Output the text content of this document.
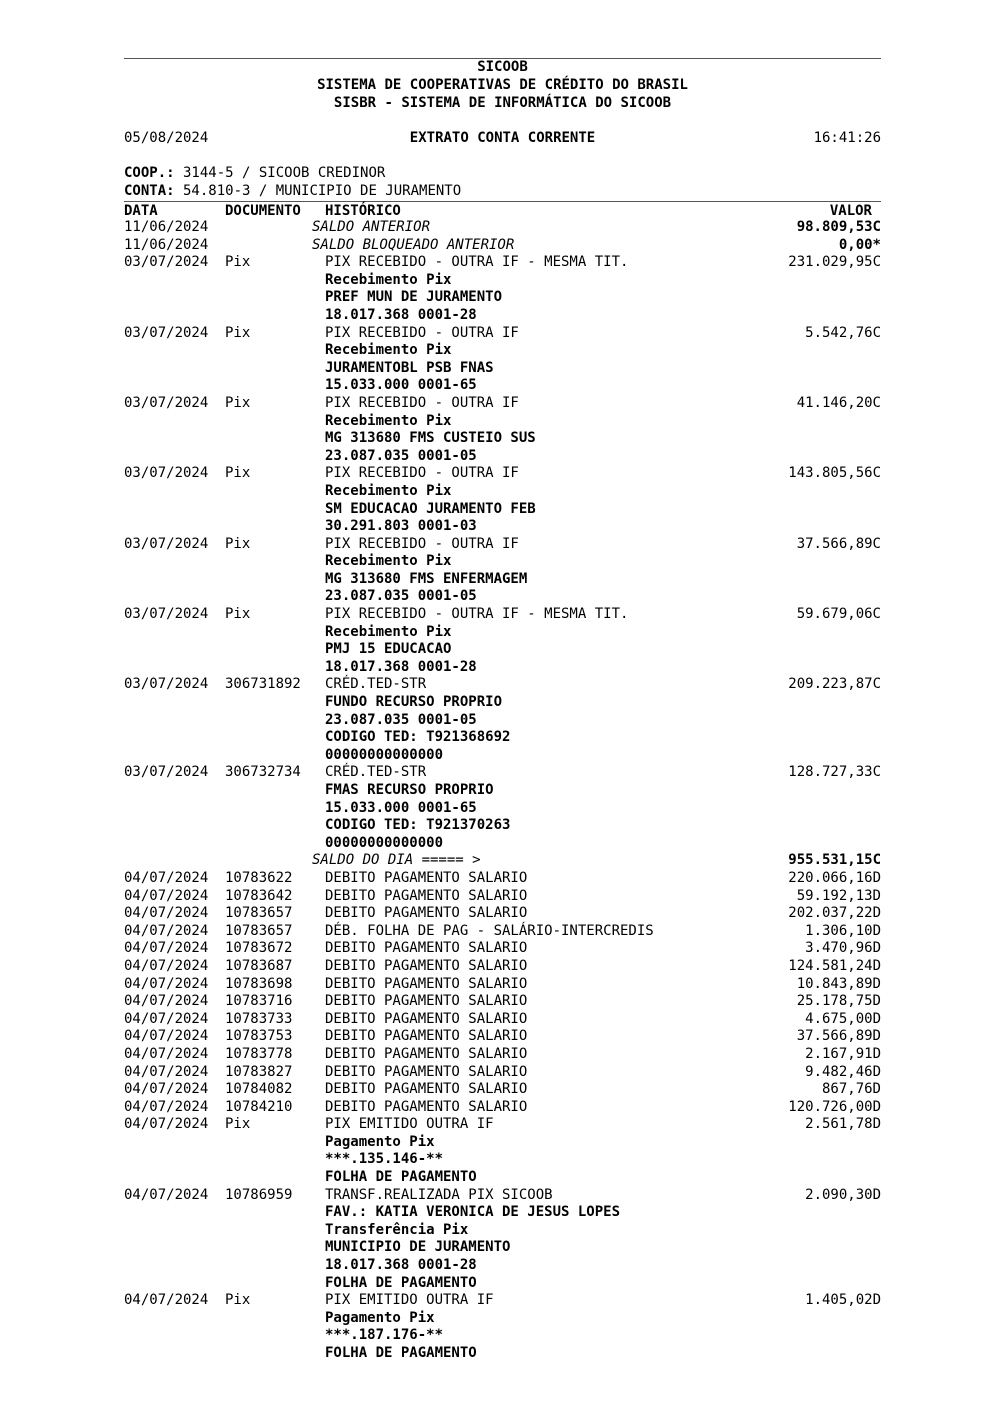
SICOOB
SISTEMA DE COOPERATIVAS DE CRÉDITO DO BRASIL
SISBR - SISTEMA DE INFORMÁTICA DO SICOOB
EXTRATO CONTA CORRENTE
05/08/2024	16:41:26
COOP.: 3144-5 / SICOOB CREDINOR
CONTA: 54.810-3 / MUNICIPIO DE JURAMENTO
DATA	DOCUMENTO HISTÓRICO	VALOR
11/06/2024	SALDO ANTERIOR	98.809,53C
11/06/2024	SALDO BLOQUEADO ANTERIOR	0,00*
03/07/2024 Pix	PIX RECEBIDO - OUTRA IF - MESMA TIT.	231.029,95C
Recebimento Pix
PREF MUN DE JURAMENTO
18.017.368 0001-28
03/07/2024 Pix	PIX RECEBIDO - OUTRA IF	5.542,76C
Recebimento Pix
JURAMENTOBL PSB FNAS
15.033.000 0001-65
03/07/2024 Pix	PIX RECEBIDO - OUTRA IF	41.146,20C
Recebimento Pix
MG 313680 FMS CUSTEIO SUS
23.087.035 0001-05
03/07/2024 Pix	PIX RECEBIDO - OUTRA IF	143.805,56C
Recebimento Pix
SM EDUCACAO JURAMENTO FEB
30.291.803 0001-03
03/07/2024 Pix	PIX RECEBIDO - OUTRA IF	37.566,89C
Recebimento Pix
MG 313680 FMS ENFERMAGEM
23.087.035 0001-05
03/07/2024 Pix	PIX RECEBIDO - OUTRA IF - MESMA TIT.	59.679,06C
Recebimento Pix
PMJ 15 EDUCACAO
18.017.368 0001-28
03/07/2024 306731892 CRÉD.TED-STR	209.223,87C
FUNDO RECURSO PROPRIO
23.087.035 0001-05
CODIGO TED: T921368692
00000000000000
03/07/2024 306732734 CRÉD.TED-STR	128.727,33C
FMAS RECURSO PROPRIO
15.033.000 0001-65
CODIGO TED: T921370263
00000000000000
SALDO DO DIA ===== >	955.531,15C
04/07/2024 10783622 DEBITO PAGAMENTO SALARIO	220.066,16D
04/07/2024 10783642 DEBITO PAGAMENTO SALARIO	59.192,13D
04/07/2024 10783657 DEBITO PAGAMENTO SALARIO	202.037,22D
04/07/2024 10783657 DÉB. FOLHA DE PAG - SALÁRIO-INTERCREDIS	1.306,10D
04/07/2024 10783672 DEBITO PAGAMENTO SALARIO	3.470,96D
04/07/2024 10783687 DEBITO PAGAMENTO SALARIO	124.581,24D
04/07/2024 10783698 DEBITO PAGAMENTO SALARIO	10.843,89D
04/07/2024 10783716 DEBITO PAGAMENTO SALARIO	25.178,75D
04/07/2024 10783733 DEBITO PAGAMENTO SALARIO	4.675,00D
04/07/2024 10783753 DEBITO PAGAMENTO SALARIO	37.566,89D
04/07/2024 10783778 DEBITO PAGAMENTO SALARIO	2.167,91D
04/07/2024 10783827 DEBITO PAGAMENTO SALARIO	9.482,46D
04/07/2024 10784082 DEBITO PAGAMENTO SALARIO	867,76D
04/07/2024 10784210 DEBITO PAGAMENTO SALARIO	120.726,00D
04/07/2024 Pix	PIX EMITIDO OUTRA IF	2.561,78D
Pagamento Pix
***.135.146-**
FOLHA DE PAGAMENTO
04/07/2024 10786959 TRANSF.REALIZADA PIX SICOOB	2.090,30D
FAV.: KATIA VERONICA DE JESUS LOPES
Transferência Pix
MUNICIPIO DE JURAMENTO
18.017.368 0001-28
FOLHA DE PAGAMENTO
04/07/2024 Pix	PIX EMITIDO OUTRA IF	1.405,02D
Pagamento Pix
***.187.176-**
FOLHA DE PAGAMENTO
